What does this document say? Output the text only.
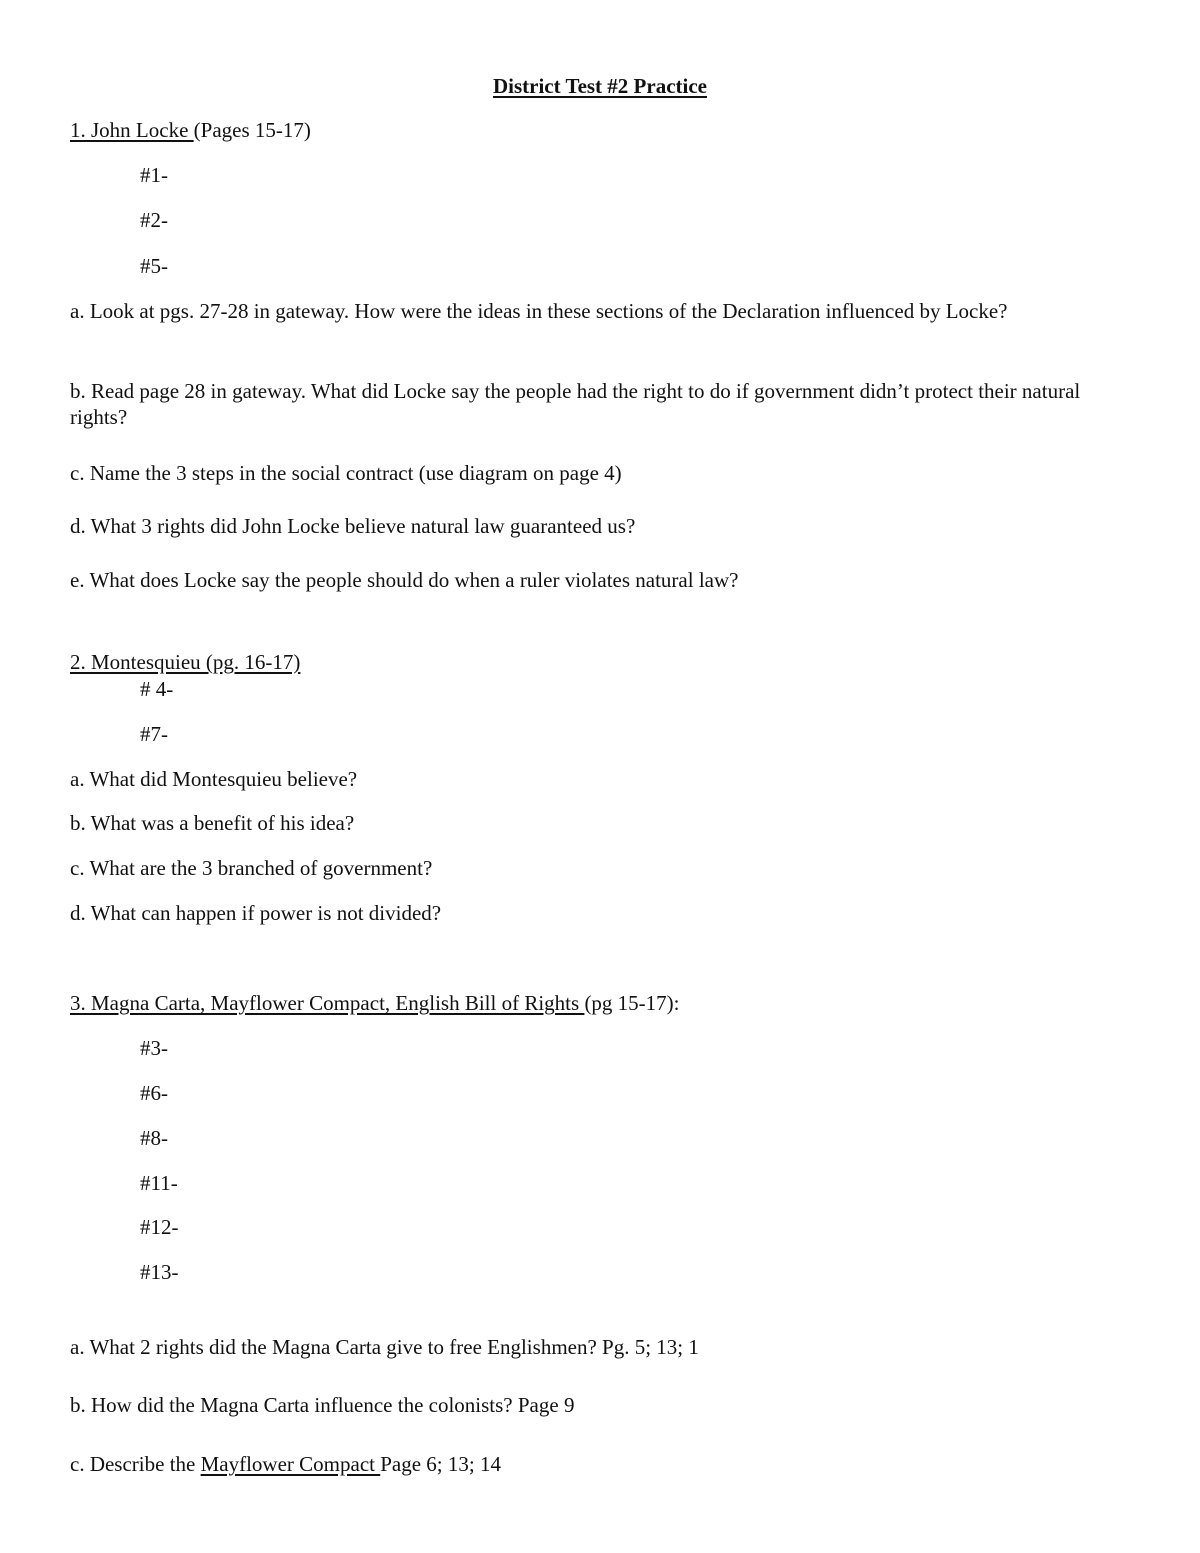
District Test #2 Practice
1. John Locke (Pages 15-17)
#1-
#2-
#5-
a. Look at pgs. 27-28 in gateway. How were the ideas in these sections of the Declaration influenced by Locke?
b. Read page 28 in gateway. What did Locke say the people had the right to do if government didn’t protect their natural rights?
c. Name the 3 steps in the social contract (use diagram on page 4)
d. What 3 rights did John Locke believe natural law guaranteed us?
e. What does Locke say the people should do when a ruler violates natural law?
2. Montesquieu (pg. 16-17)
# 4-
#7-
a. What did Montesquieu believe?
b. What was a benefit of his idea?
c. What are the 3 branched of government?
d. What can happen if power is not divided?
3. Magna Carta, Mayflower Compact, English Bill of Rights (pg 15-17):
#3-
#6-
#8-
#11-
#12-
#13-
a. What 2 rights did the Magna Carta give to free Englishmen? Pg. 5; 13; 1
b. How did the Magna Carta influence the colonists? Page 9
c. Describe the Mayflower Compact Page 6; 13; 14
